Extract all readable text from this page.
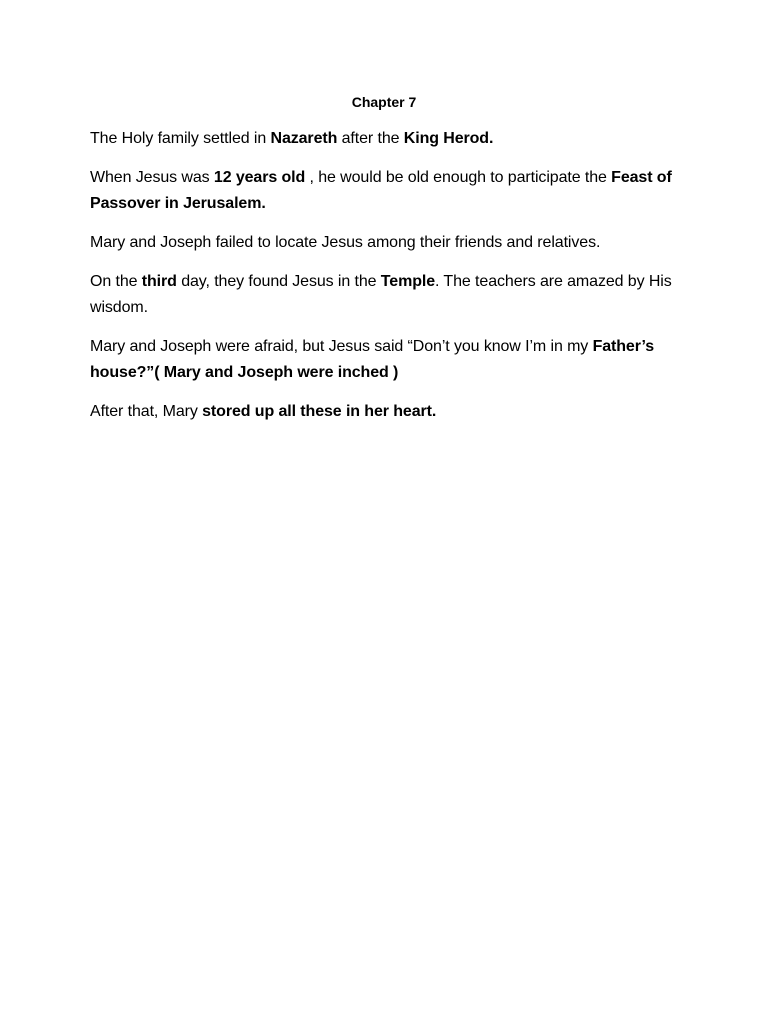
Chapter 7

The Holy family settled in Nazareth after the King Herod.

When Jesus was 12 years old , he would be old enough to participate the Feast of Passover in Jerusalem.

Mary and Joseph failed to locate Jesus among their friends and relatives.

On the third day, they found Jesus in the Temple. The teachers are amazed by His wisdom.

Mary and Joseph were afraid, but Jesus said “Don’t you know I’m in my Father’s house?”( Mary and Joseph were inched )

After that, Mary stored up all these in her heart.
